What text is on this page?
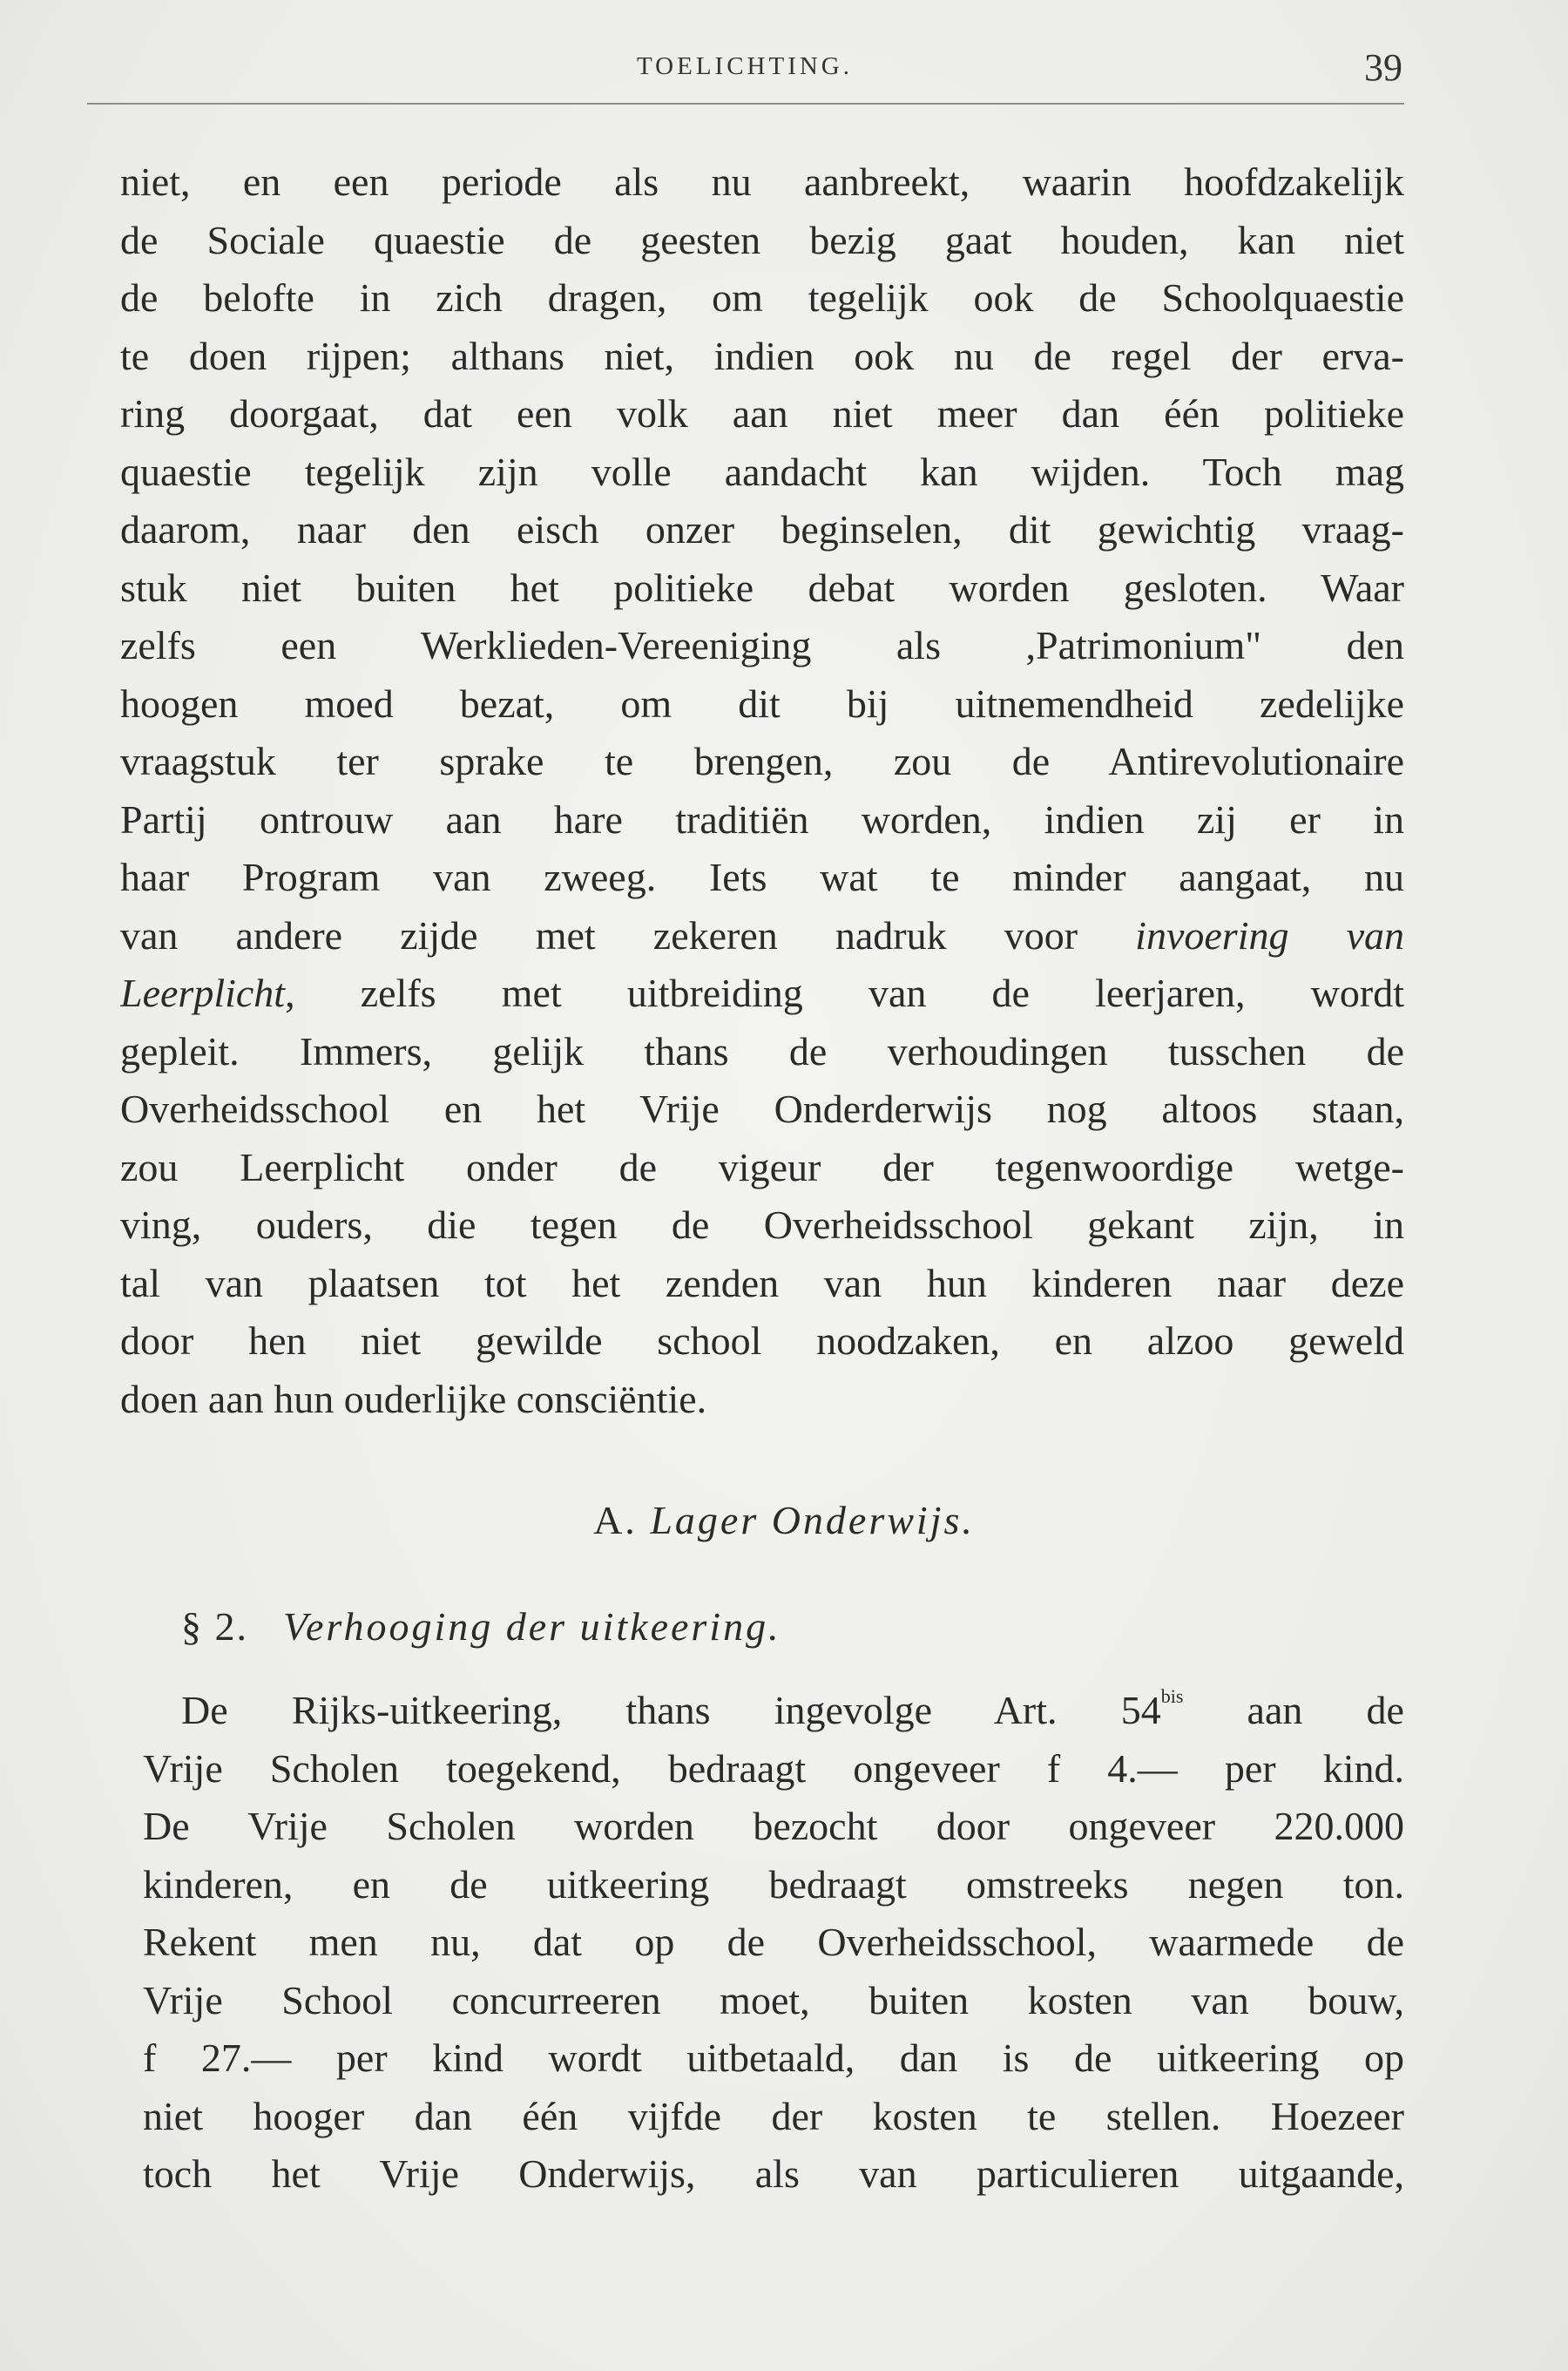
TOELICHTING.	39
niet, en een periode als nu aanbreekt, waarin hoofdzakelijk
de Sociale quaestie de geesten bezig gaat houden, kan niet
de belofte in zich dragen, om tegelijk ook de Schoolquaestie
te doen rijpen; althans niet, indien ook nu de regel der erva-
ring doorgaat, dat een volk aan niet meer dan één politieke
quaestie tegelijk zijn volle aandacht kan wijden. Toch mag
daarom, naar den eisch onzer beginselen, dit gewichtig vraag-
stuk niet buiten het politieke debat worden gesloten. Waar
zelfs een Werklieden-Vereeniging als ,Patrimonium" den
hoogen moed bezat, om dit bij uitnemendheid zedelijke
vraagstuk ter sprake te brengen, zou de Antirevolutionaire
Partij ontrouw aan hare traditiën worden, indien zij er in
haar Program van zweeg. Iets wat te minder aangaat, nu
van andere zijde met zekeren nadruk voor invoering van
Leerplicht, zelfs met uitbreiding van de leerjaren, wordt
gepleit. Immers, gelijk thans de verhoudingen tusschen de
Overheidsschool en het Vrije Onderderwijs nog altoos staan,
zou Leerplicht onder de vigeur der tegenwoordige wetge-
ving, ouders, die tegen de Overheidsschool gekant zijn, in
tal van plaatsen tot het zenden van hun kinderen naar deze
door hen niet gewilde school noodzaken, en alzoo geweld
doen aan hun ouderlijke consciëntie.
A. Lager Onderwijs.
§ 2. Verhooging der uitkeering.
De Rijks-uitkeering, thans ingevolge Art. $54^{bis}$ aan de
Vrije Scholen toegekend, bedraagt ongeveer f 4.— per kind.
De Vrije Scholen worden bezocht door ongeveer 220.000
kinderen, en de uitkeering bedraagt omstreeks negen ton.
Rekent men nu, dat op de Overheidsschool, waarmede de
Vrije School concurreeren moet, buiten kosten van bouw,
f 27.— per kind wordt uitbetaald, dan is de uitkeering op
niet hooger dan één vijfde der kosten te stellen. Hoezeer
toch het Vrije Onderwijs, als van particulieren uitgaande,
